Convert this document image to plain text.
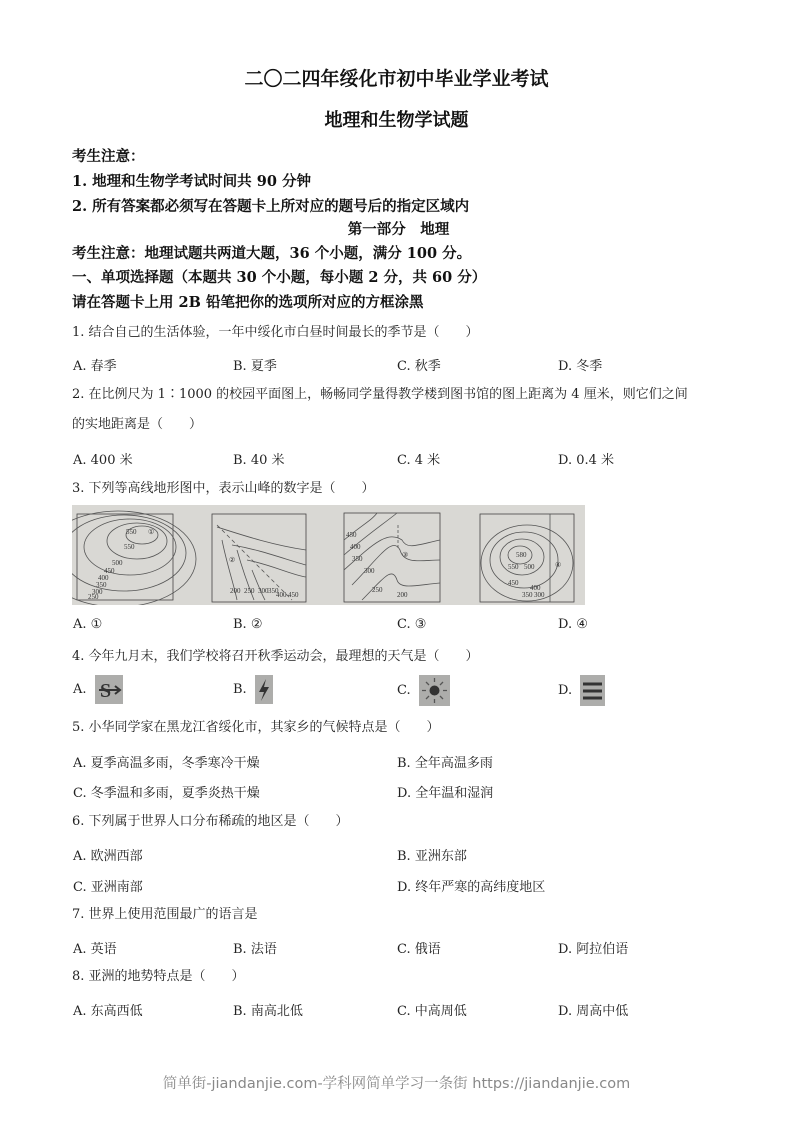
二〇二四年绥化市初中毕业学业考试
地理和生物学试题
考生注意：
1. 地理和生物学考试时间共 90 分钟
2. 所有答案都必须写在答题卡上所对应的题号后的指定区域内
第一部分　地理
考生注意：地理试题共两道大题，36 个小题，满分 100 分。
一、单项选择题（本题共 30 个小题，每小题 2 分，共 60 分）
请在答题卡上用 2B 铅笔把你的选项所对应的方框涂黑
1. 结合自己的生活体验，一年中绥化市白昼时间最长的季节是（　　）
A. 春季	B. 夏季	C. 秋季	D. 冬季
2. 在比例尺为 1∶1000 的校园平面图上，畅畅同学量得教学楼到图书馆的图上距离为 4 厘米，则它们之间
的实地距离是（　　）
A. 400 米	B. 40 米	C. 4 米	D. 0.4 米
3. 下列等高线地形图中，表示山峰的数字是（　　）
550 ①
550
500
450
400
350
300
250
②
200 250 300 350
400 450
450
400
350	③
300
250
200
580
550 500
450
400
350 300
④
A. ①	B. ②	C. ③	D. ④
4. 今年九月末，我们学校将召开秋季运动会，最理想的天气是（　　）
A. S	B.	C.	D.
5. 小华同学家在黑龙江省绥化市，其家乡的气候特点是（　　）
A. 夏季高温多雨，冬季寒冷干燥	B. 全年高温多雨
C. 冬季温和多雨，夏季炎热干燥	D. 全年温和湿润
6. 下列属于世界人口分布稀疏的地区是（　　）
A. 欧洲西部	B. 亚洲东部
C. 亚洲南部	D. 终年严寒的高纬度地区
7. 世界上使用范围最广的语言是
A. 英语	B. 法语	C. 俄语	D. 阿拉伯语
8. 亚洲的地势特点是（　　）
A. 东高西低	B. 南高北低	C. 中高周低	D. 周高中低
简单街-jiandanjie.com-学科网简单学习一条街 https://jiandanjie.com
